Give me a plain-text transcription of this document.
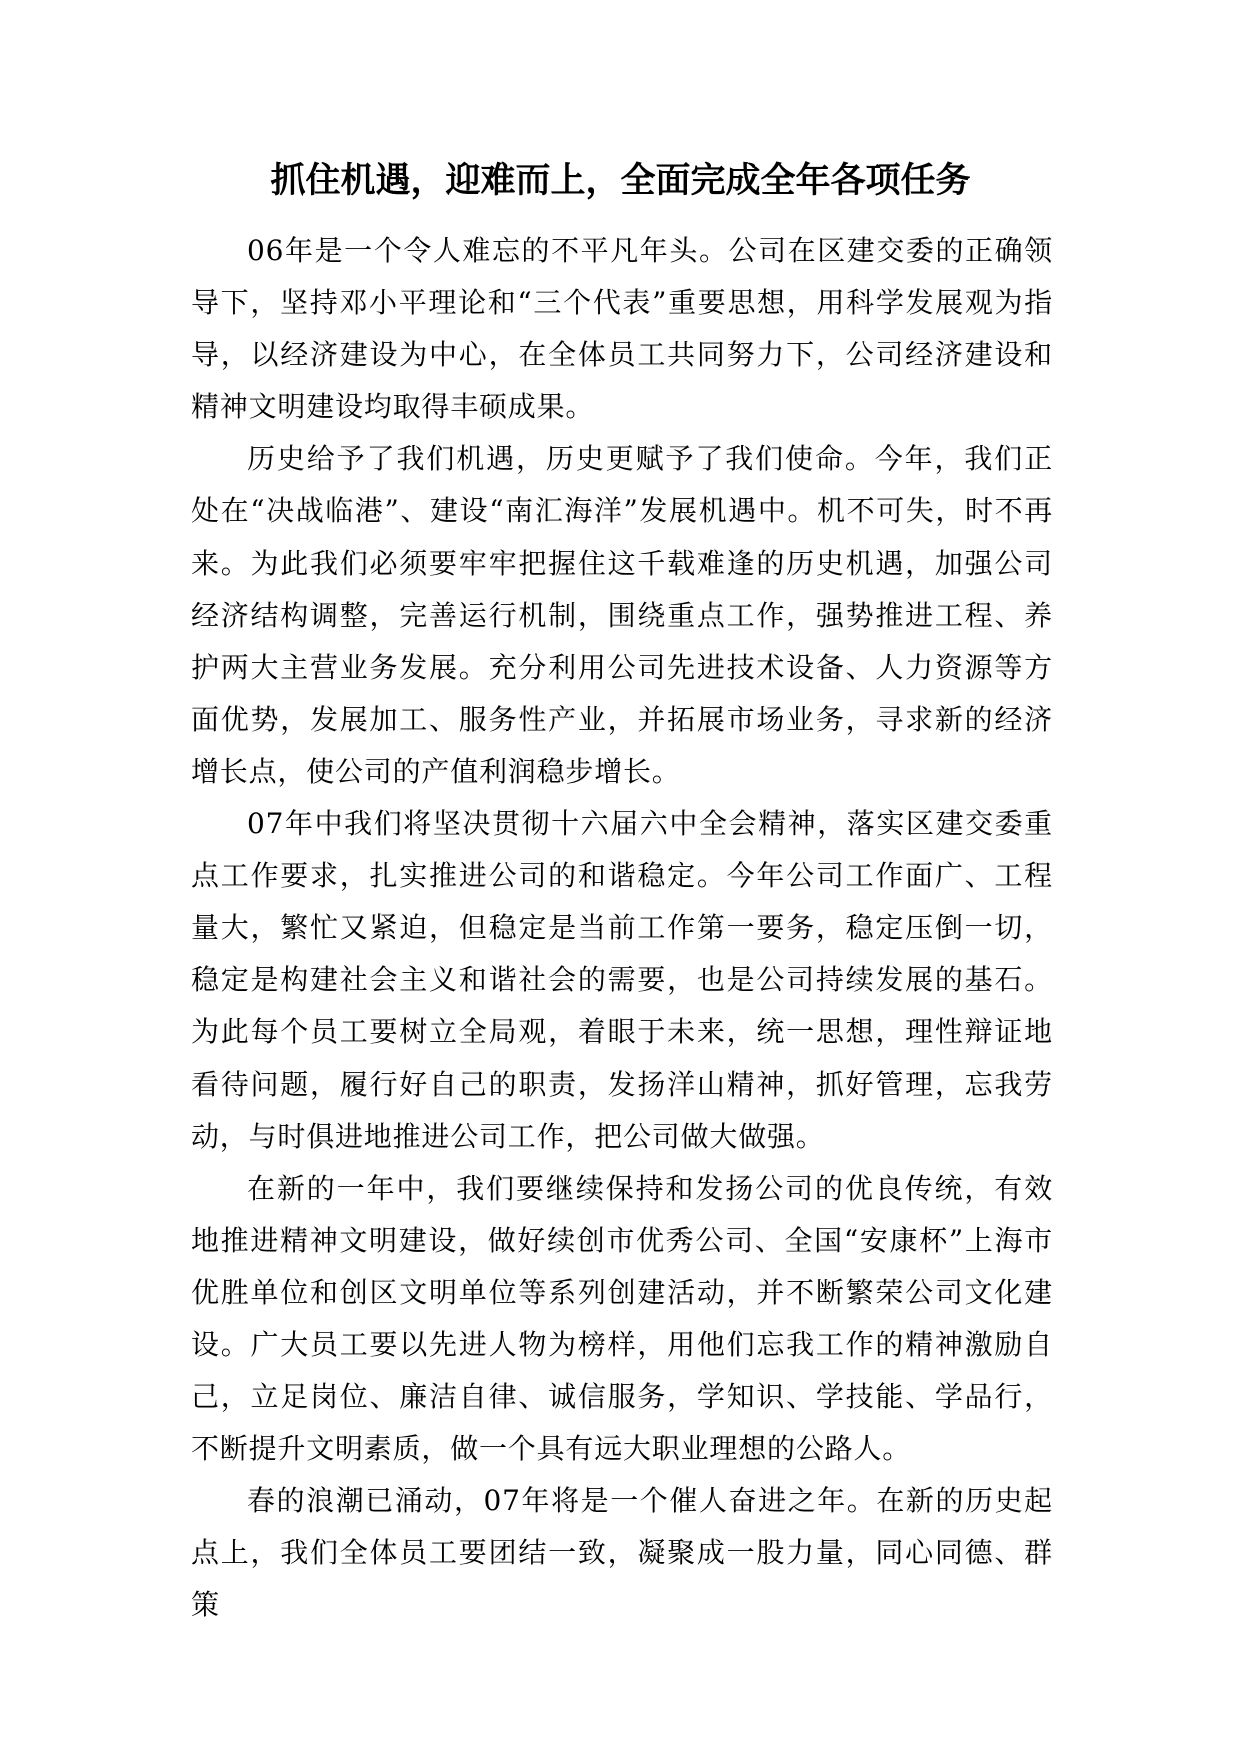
抓住机遇，迎难而上，全面完成全年各项任务

06年是一个令人难忘的不平凡年头。公司在区建交委的正确领导下，坚持邓小平理论和“三个代表”重要思想，用科学发展观为指导，以经济建设为中心，在全体员工共同努力下，公司经济建设和精神文明建设均取得丰硕成果。

历史给予了我们机遇，历史更赋予了我们使命。今年，我们正处在“决战临港”、建设“南汇海洋”发展机遇中。机不可失，时不再来。为此我们必须要牢牢把握住这千载难逢的历史机遇，加强公司经济结构调整，完善运行机制，围绕重点工作，强势推进工程、养护两大主营业务发展。充分利用公司先进技术设备、人力资源等方面优势，发展加工、服务性产业，并拓展市场业务，寻求新的经济增长点，使公司的产值利润稳步增长。

07年中我们将坚决贯彻十六届六中全会精神，落实区建交委重点工作要求，扎实推进公司的和谐稳定。今年公司工作面广、工程量大，繁忙又紧迫，但稳定是当前工作第一要务，稳定压倒一切，稳定是构建社会主义和谐社会的需要，也是公司持续发展的基石。为此每个员工要树立全局观，着眼于未来，统一思想，理性辩证地看待问题，履行好自己的职责，发扬洋山精神，抓好管理，忘我劳动，与时俱进地推进公司工作，把公司做大做强。

在新的一年中，我们要继续保持和发扬公司的优良传统，有效地推进精神文明建设，做好续创市优秀公司、全国“安康杯”上海市优胜单位和创区文明单位等系列创建活动，并不断繁荣公司文化建设。广大员工要以先进人物为榜样，用他们忘我工作的精神激励自己，立足岗位、廉洁自律、诚信服务，学知识、学技能、学品行，不断提升文明素质，做一个具有远大职业理想的公路人。

春的浪潮已涌动，07年将是一个催人奋进之年。在新的历史起点上，我们全体员工要团结一致，凝聚成一股力量，同心同德、群策
